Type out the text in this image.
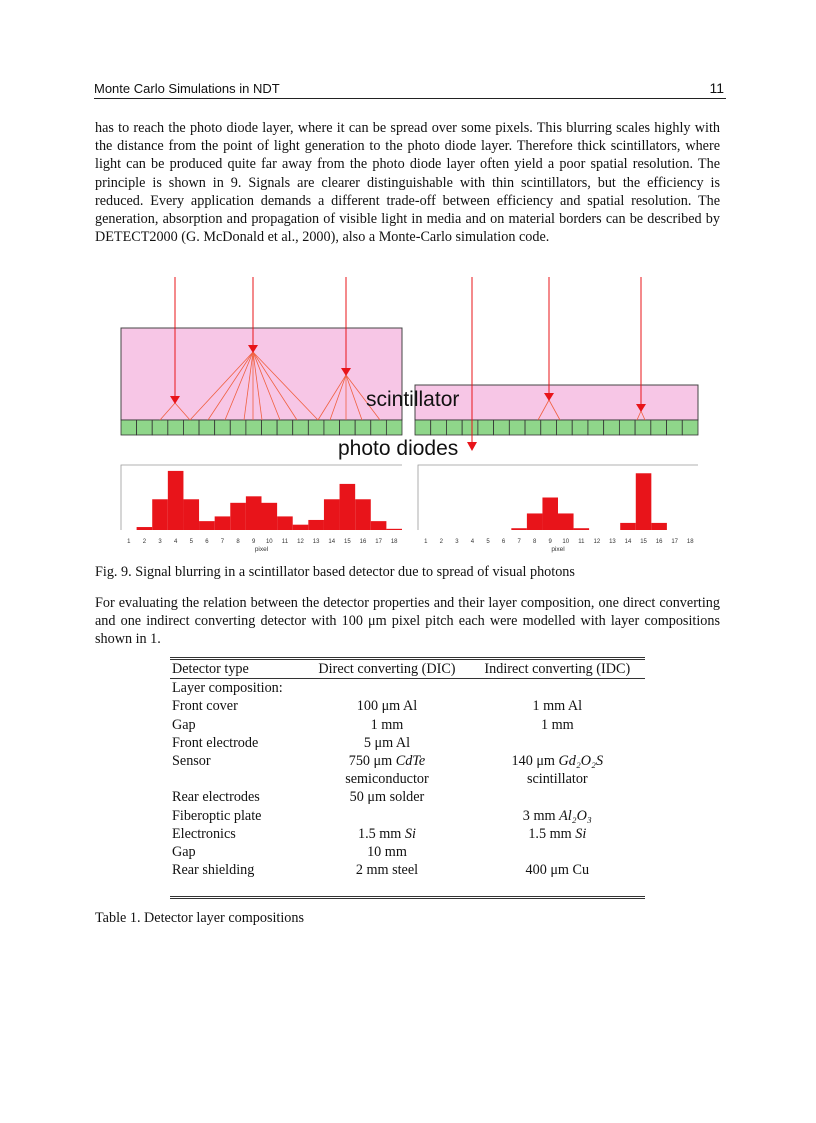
Monte Carlo Simulations in NDT	11
has to reach the photo diode layer, where it can be spread over some pixels. This blurring scales highly with the distance from the point of light generation to the photo diode layer. Therefore thick scintillators, where light can be produced quite far away from the photo diode layer often yield a poor spatial resolution. The principle is shown in 9. Signals are clearer distinguishable with thin scintillators, but the efficiency is reduced. Every application demands a different trade-off between efficiency and spatial resolution. The generation, absorption and propagation of visible light in media and on material borders can be described by DETECT2000 (G. McDonald et al., 2000), also a Monte-Carlo simulation code.
scintillator
photo diodes
1 2 3 4 5 6 7 8 9 10 11 12 13 14 15 16 17 18
pixel
1 2 3 4 5 6 7 8 9 10 11 12 13 14 15 16 17 18
pixel
Fig. 9. Signal blurring in a scintillator based detector due to spread of visual photons
For evaluating the relation between the detector properties and their layer composition, one direct converting and one indirect converting detector with 100 μm pixel pitch each were modelled with layer compositions shown in 1.
Detector type	Direct converting (DIC)	Indirect converting (IDC)
Layer composition:		
Front cover	100 μm Al	1 mm Al
Gap	1 mm	1 mm
Front electrode	5 μm Al	
Sensor	750 μm CdTe	140 μm Gd₂O₂S
	semiconductor	scintillator
Rear electrodes	50 μm solder	
Fiberoptic plate		3 mm Al₂O₃
Electronics	1.5 mm Si	1.5 mm Si
Gap	10 mm	
Rear shielding	2 mm steel	400 μm Cu

Table 1. Detector layer compositions
